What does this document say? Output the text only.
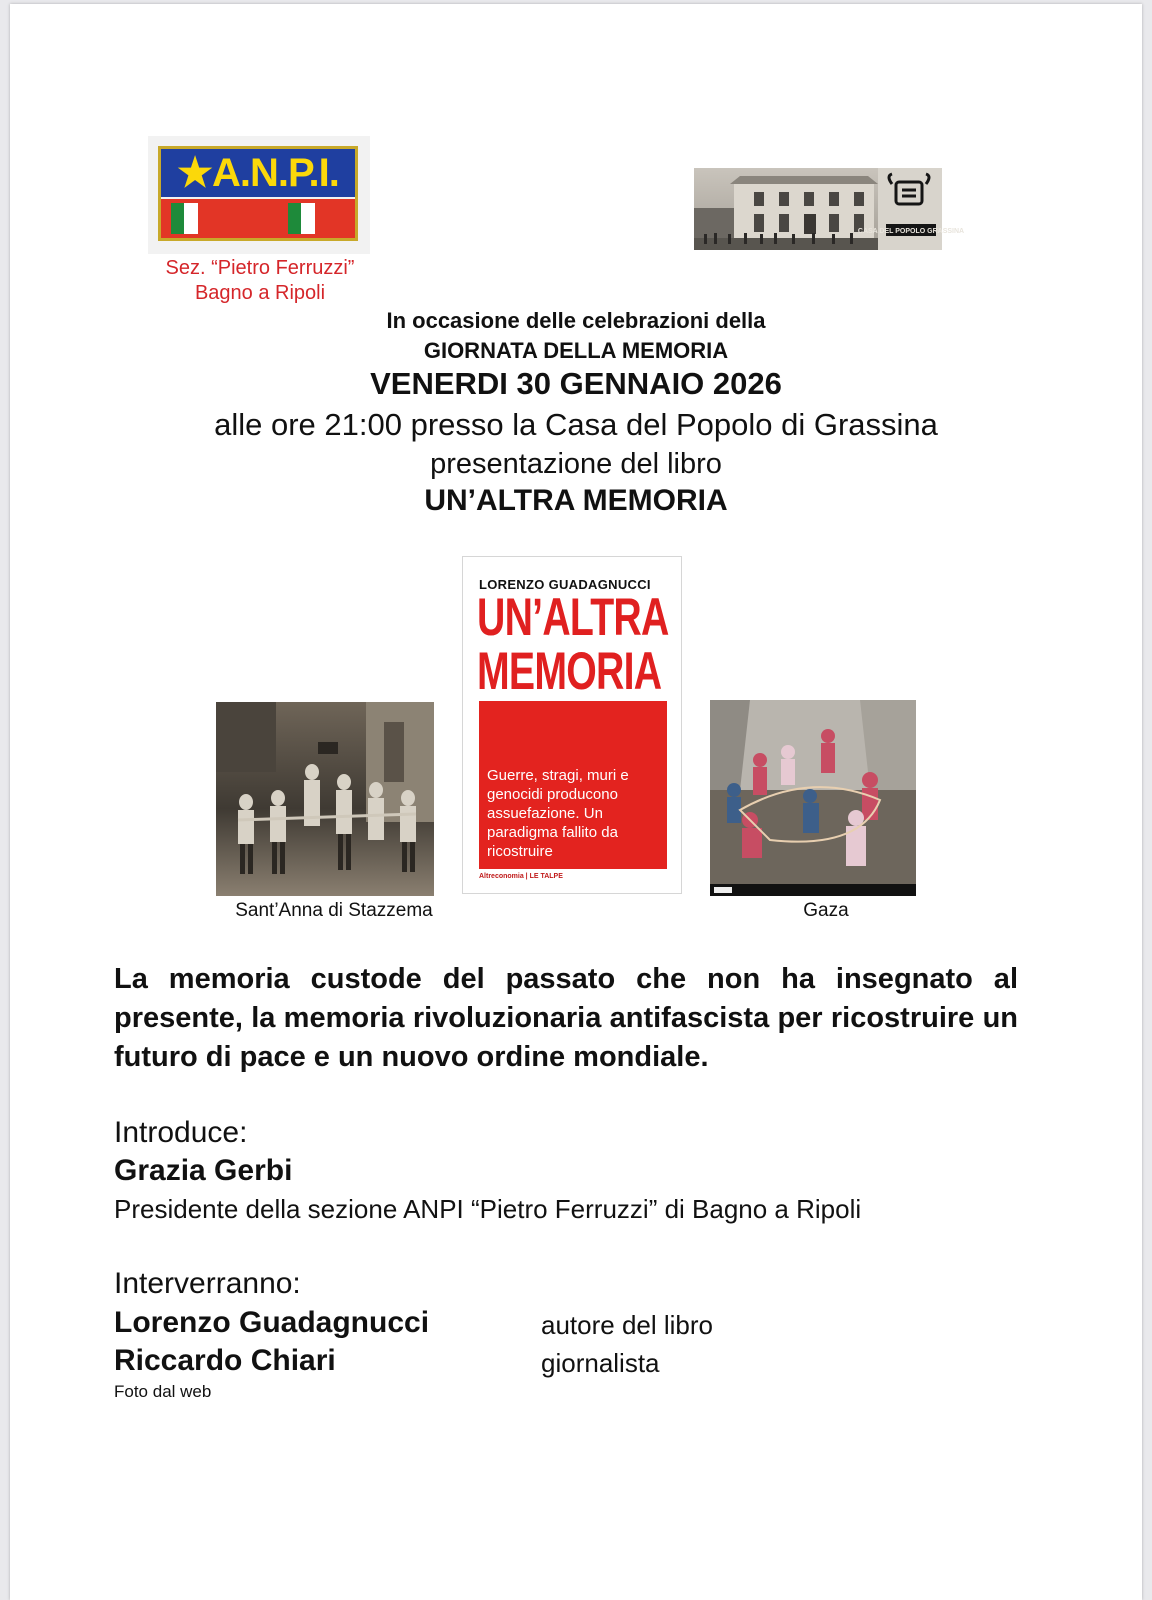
★A.N.P.I.
Sez. “Pietro Ferruzzi”
Bagno a Ripoli
CASA DEL POPOLO GRASSINA
In occasione delle celebrazioni della
GIORNATA DELLA MEMORIA
VENERDI 30 GENNAIO 2026
alle ore 21:00 presso la Casa del Popolo di Grassina
presentazione del libro
UN’ALTRA MEMORIA
Sant’Anna di Stazzema
LORENZO GUADAGNUCCI
UN’ALTRA
MEMORIA
Guerre, stragi, muri e genocidi producono assuefazione. Un paradigma fallito da ricostruire
Altreconomia | LE TALPE
Gaza
La memoria custode del passato che non ha insegnato al presente, la memoria rivoluzionaria antifascista per ricostruire un futuro di pace e un nuovo ordine mondiale.
Introduce:
Grazia Gerbi
Presidente della sezione ANPI “Pietro Ferruzzi” di Bagno a Ripoli
Interverranno:
Lorenzo Guadagnucci	autore del libro
Riccardo Chiari	giornalista
Foto dal web
